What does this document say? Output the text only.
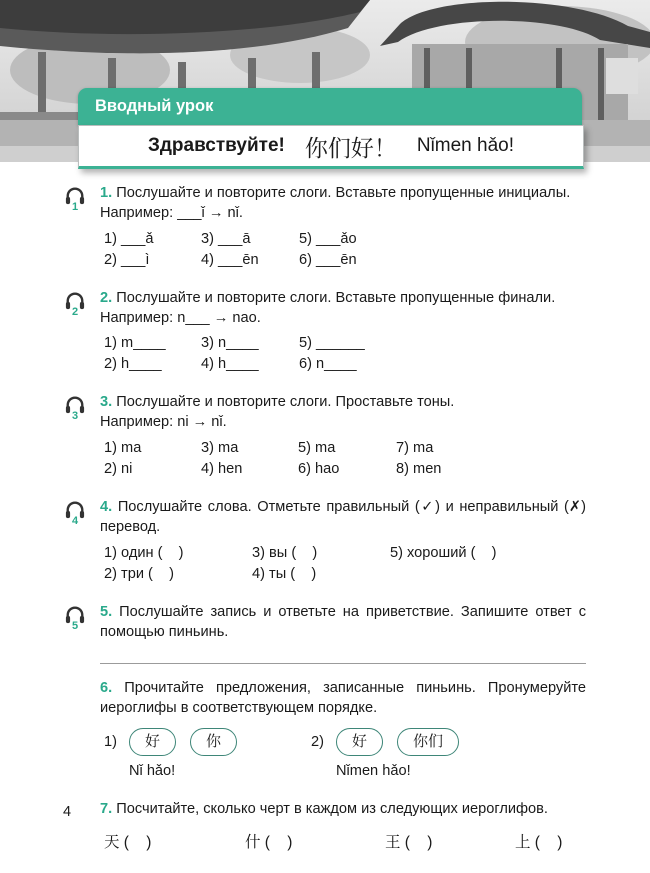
Вводный урок
Здравствуйте! 你们好！ Nǐmen hǎo!
1

1. Послушайте и повторите слоги. Вставьте пропущенные инициалы.
Например: ___ǐ → nǐ.

1) ___ǎ	3) ___ā	5) ___ǎo
2) ___ì	4) ___ēn	6) ___ēn
2

2. Послушайте и повторите слоги. Вставьте пропущенные финали.
Например: n___ → nao.

1) m____	3) n____	5) ______
2) h____	4) h____	6) n____
3

3. Послушайте и повторите слоги. Проставьте тоны.
Например: ni → nǐ.

1) ma	3) ma	5) ma	7) ma
2) ni	4) hen	6) hao	8) men
4

4. Послушайте слова. Отметьте правильный (✓) и неправильный (✗) перевод.

1) один (    )	3) вы (    )	5) хороший (    )
2) три (    )	4) ты (    )
5

5. Послушайте запись и ответьте на приветствие. Запишите ответ с помощью пиньинь.

6. Прочитайте предложения, записанные пиньинь. Пронумеруйте иероглифы в соответствующем порядке.

1)	好	你
Nǐ hǎo!
2)	好	你们
Nǐmen hǎo!

7. Посчитайте, сколько черт в каждом из следующих иероглифов.

天 (    )	什 (    )	王 (    )	上 (    )
4
